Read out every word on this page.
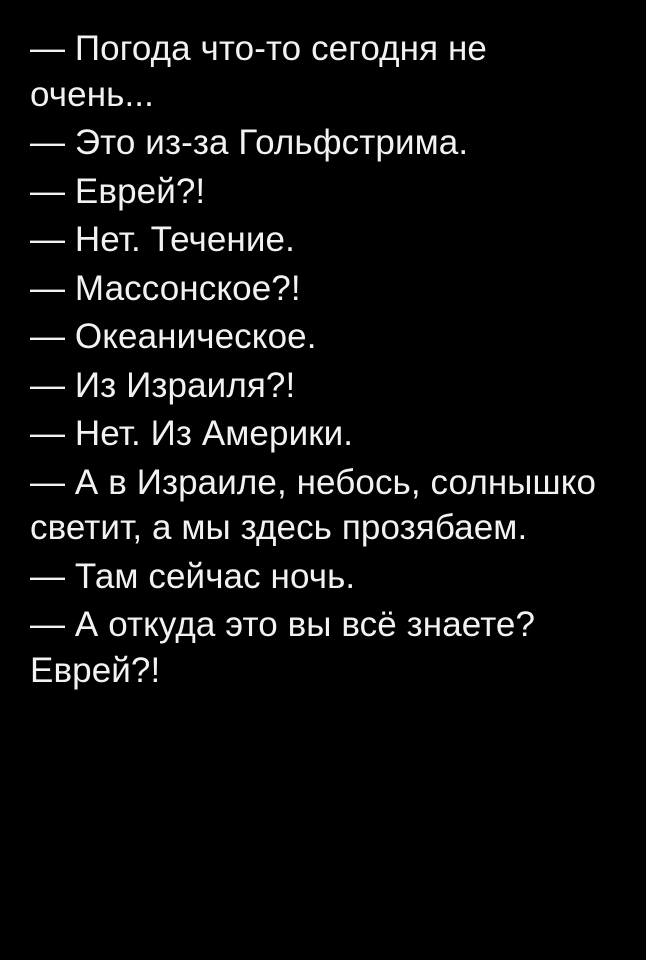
— Погода что-то сегодня не очень...

— Это из-за Гольфстрима.

— Еврей?!

— Нет. Течение.

— Массонское?!

— Океаническое.

— Из Израиля?!

— Нет. Из Америки.

— А в Израиле, небось, солнышко светит, а мы здесь прозябаем.

— Там сейчас ночь.

— А откуда это вы всё знаете? Еврей?!
